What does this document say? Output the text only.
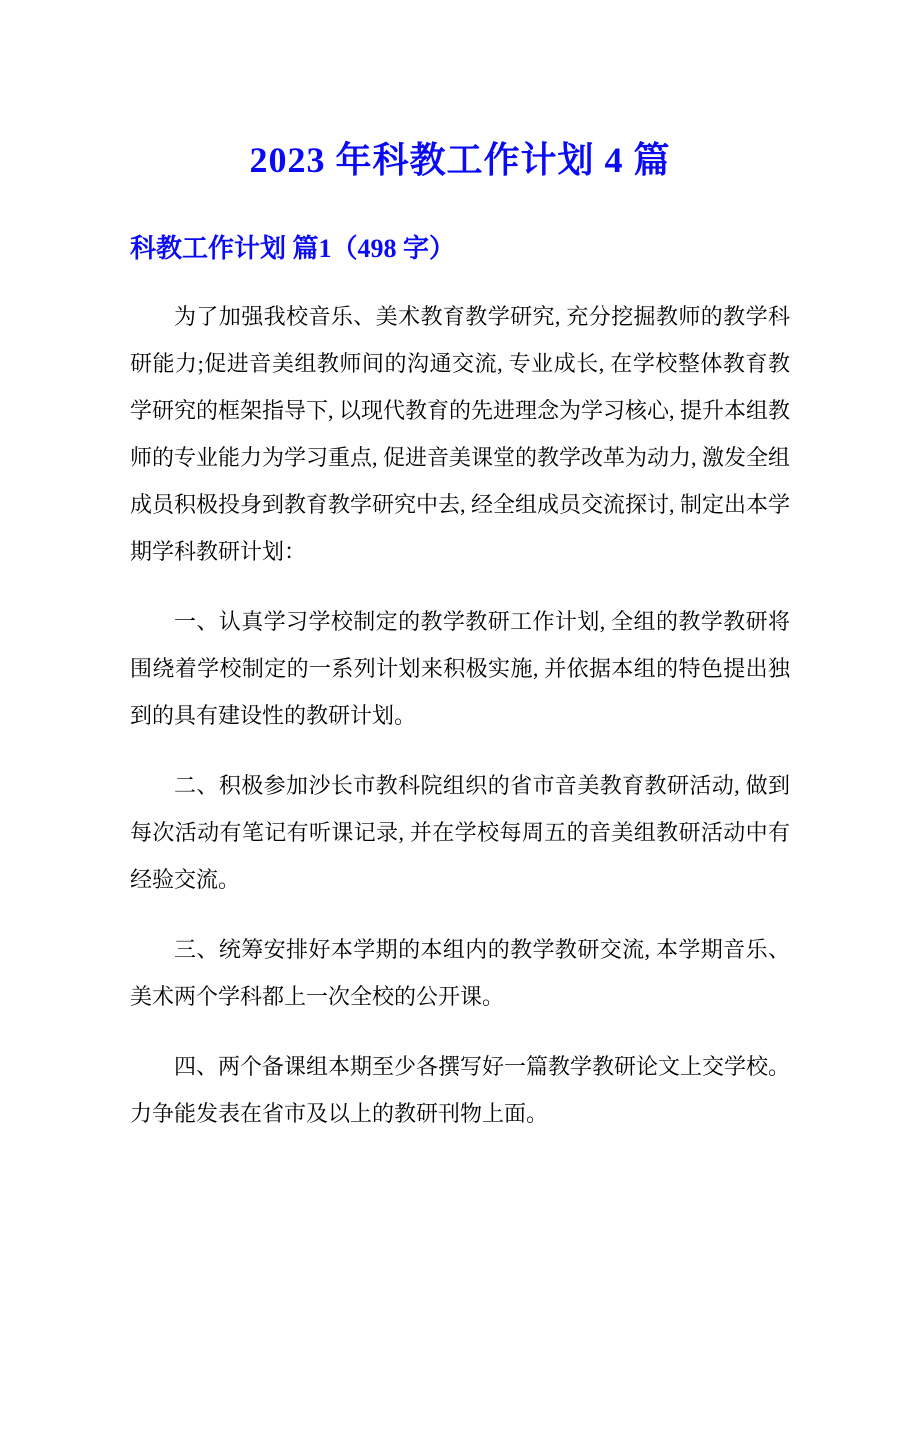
2023 年科教工作计划 4 篇
科教工作计划 篇1（498 字）

为了加强我校音乐、美术教育教学研究, 充分挖掘教师的教学科研能力;促进音美组教师间的沟通交流, 专业成长, 在学校整体教育教学研究的框架指导下, 以现代教育的先进理念为学习核心, 提升本组教师的专业能力为学习重点, 促进音美课堂的教学改革为动力, 激发全组成员积极投身到教育教学研究中去, 经全组成员交流探讨, 制定出本学期学科教研计划：

一、认真学习学校制定的教学教研工作计划, 全组的教学教研将围绕着学校制定的一系列计划来积极实施, 并依据本组的特色提出独到的具有建设性的教研计划。

二、积极参加沙长市教科院组织的省市音美教育教研活动, 做到每次活动有笔记有听课记录, 并在学校每周五的音美组教研活动中有经验交流。

三、统筹安排好本学期的本组内的教学教研交流, 本学期音乐、美术两个学科都上一次全校的公开课。

四、两个备课组本期至少各撰写好一篇教学教研论文上交学校。力争能发表在省市及以上的教研刊物上面。
